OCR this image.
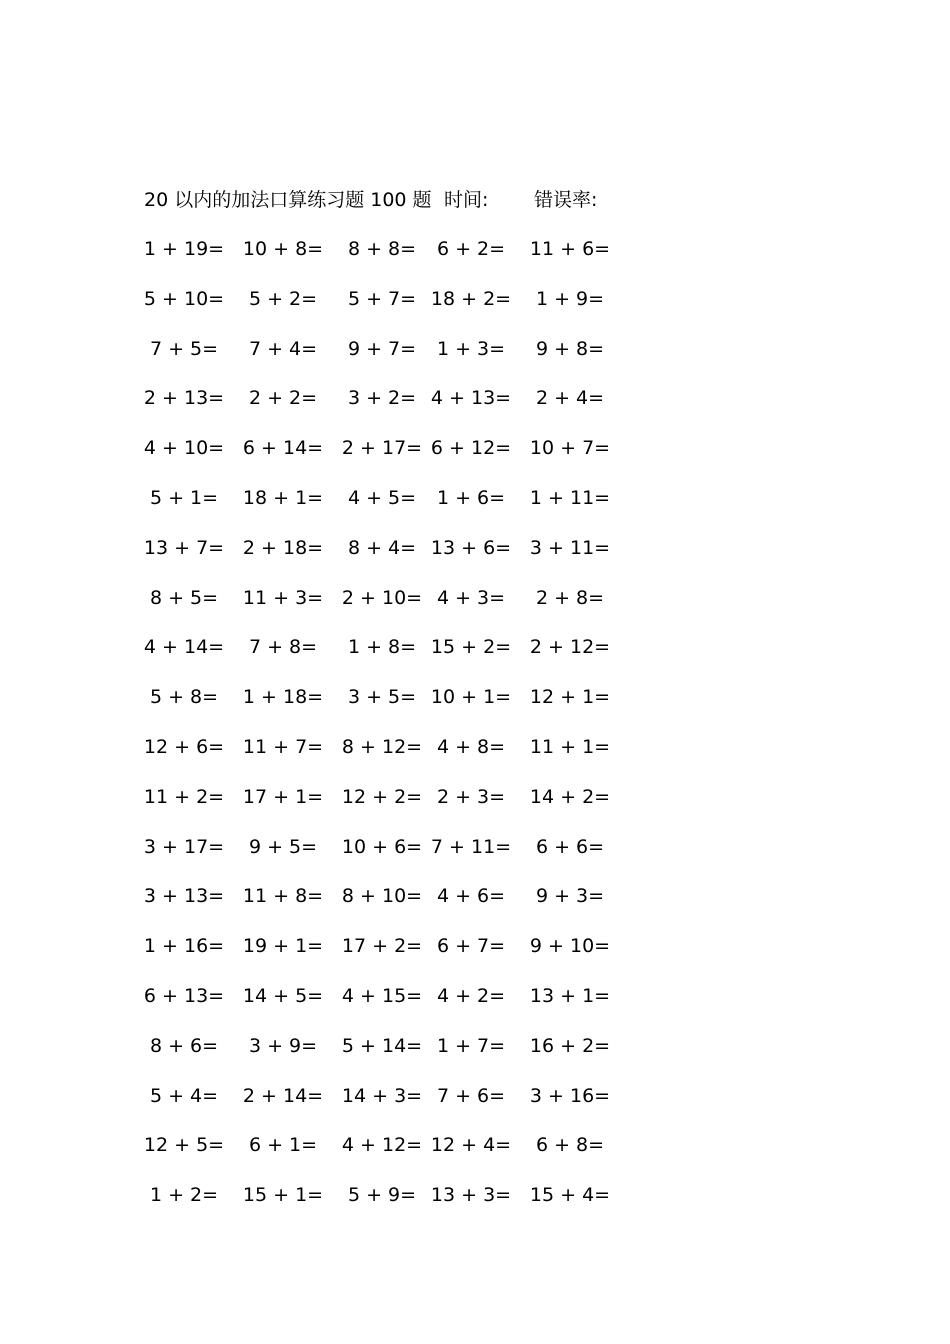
20 以内的加法口算练习题 100 题 时间: 错误率:
1 + 19= 10 + 8=	8 + 8=	6 + 2=	11 + 6=
5 + 10=	5 + 2=	5 + 7= 18 + 2=	1 + 9=
7 + 5=	7 + 4=	9 + 7=	1 + 3=	9 + 8=
2 + 13=	2 + 2=	3 + 2= 4 + 13=	2 + 4=
4 + 10= 6 + 14= 2 + 17= 6 + 12= 10 + 7=
5 + 1=	18 + 1=	4 + 5=	1 + 6=	1 + 11=
13 + 7= 2 + 18=	8 + 4= 13 + 6= 3 + 11=
8 + 5=	11 + 3= 2 + 10= 4 + 3=	2 + 8=
4 + 14=	7 + 8=	1 + 8= 15 + 2= 2 + 12=
5 + 8=	1 + 18=	3 + 5= 10 + 1= 12 + 1=
12 + 6= 11 + 7= 8 + 12= 4 + 8=	11 + 1=
11 + 2= 17 + 1= 12 + 2= 2 + 3=	14 + 2=
3 + 17=	9 + 5=	10 + 6= 7 + 11=	6 + 6=
3 + 13= 11 + 8= 8 + 10= 4 + 6=	9 + 3=
1 + 16= 19 + 1= 17 + 2= 6 + 7=	9 + 10=
6 + 13= 14 + 5= 4 + 15= 4 + 2=	13 + 1=
8 + 6=	3 + 9=	5 + 14= 1 + 7=	16 + 2=
5 + 4=	2 + 14= 14 + 3= 7 + 6=	3 + 16=
12 + 5=	6 + 1=	4 + 12= 12 + 4=	6 + 8=
1 + 2=	15 + 1=	5 + 9= 13 + 3= 15 + 4=
